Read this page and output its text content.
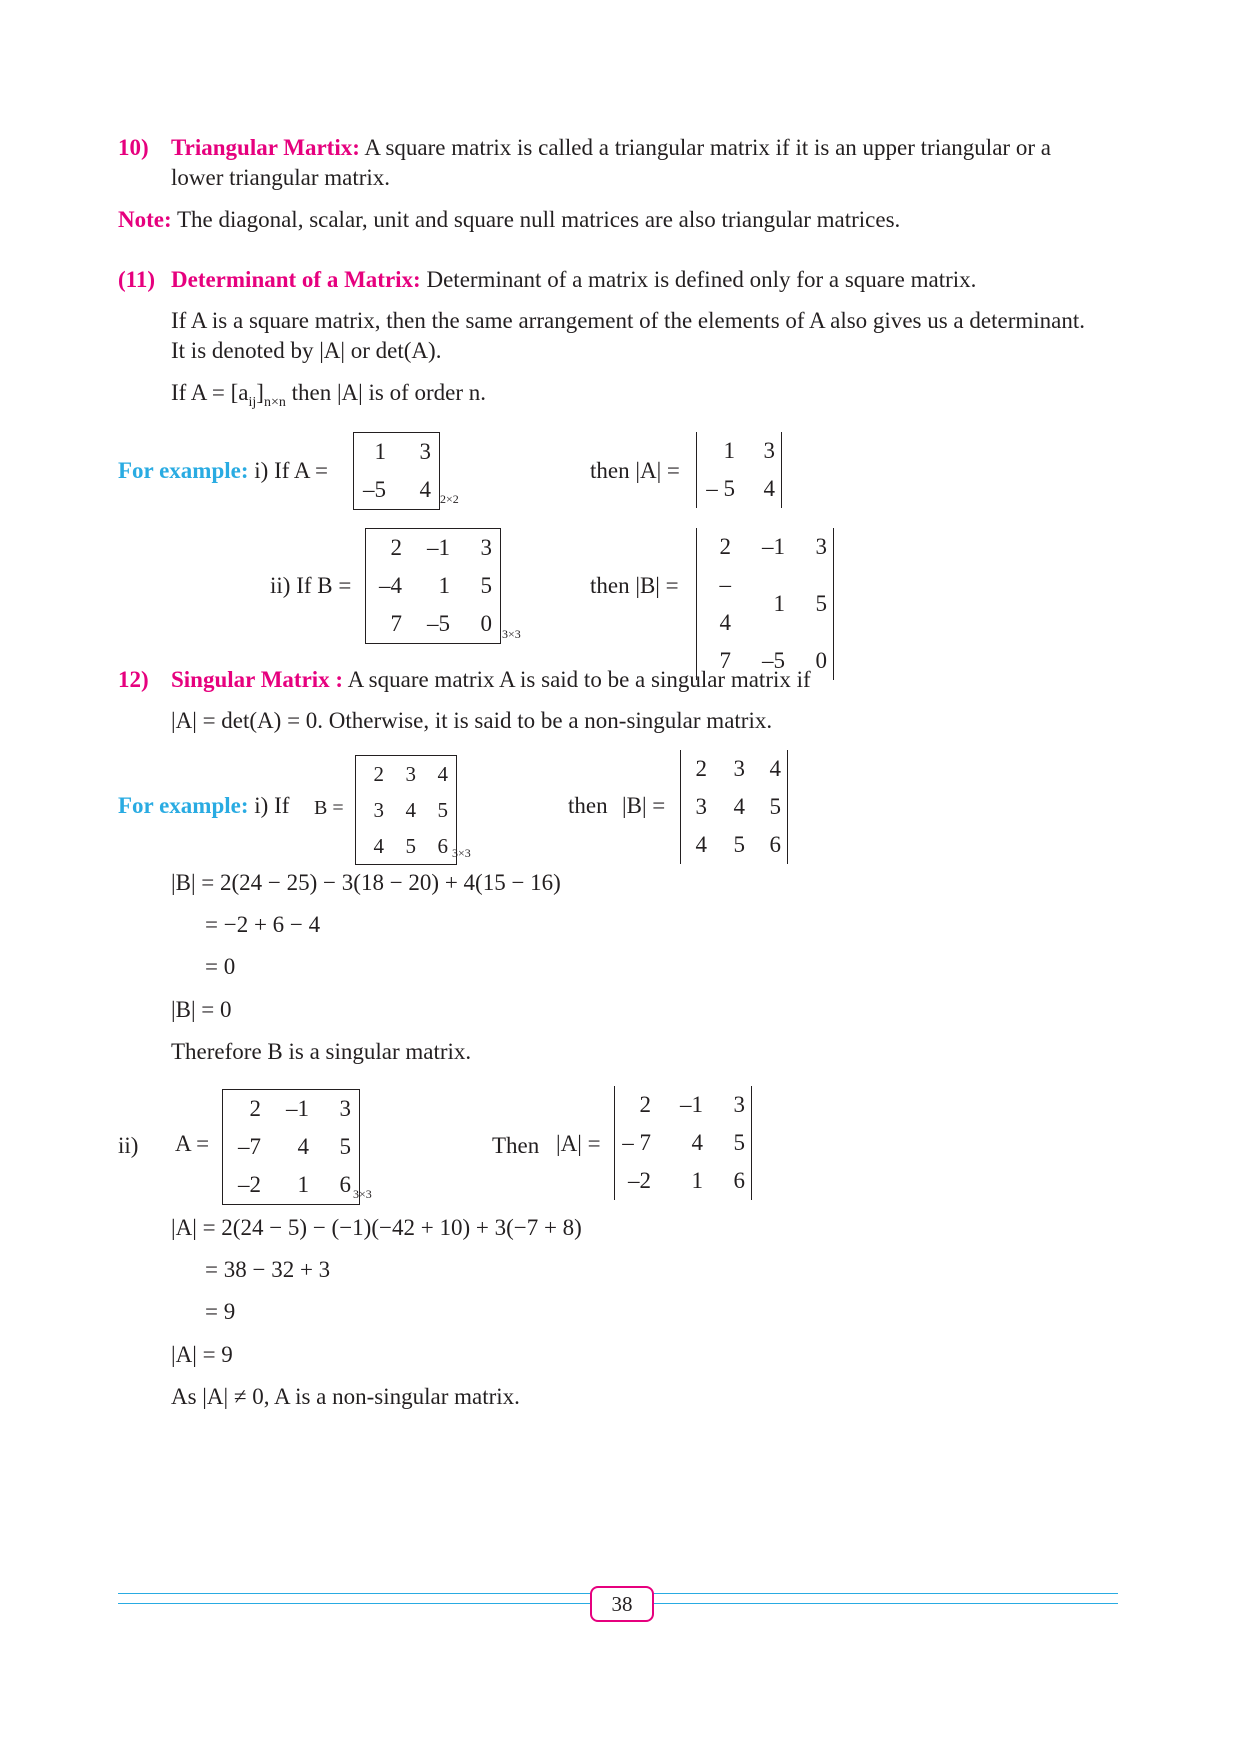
10) Triangular Martix: A square matrix is called a triangular matrix if it is an upper triangular or a
lower triangular matrix.
Note: The diagonal, scalar, unit and square null matrices are also triangular matrices.
(11) Determinant of a Matrix: Determinant of a matrix is defined only for a square matrix.
If A is a square matrix, then the same arrangement of the elements of A also gives us a determinant.
It is denoted by |A| or det(A).
If $A = [a_{ij}]_{n\times n}$ then |A| is of order n.
For example: i) If A =
	1	3	
	–5	4	2×2
then |A| =
	1	3	
	– 5	4	
ii) If B =
	2	–1	3	
	–4	1	5	
	7	–5	0	3×3
then |B| =
	2	–1	3	
	– 4	1	5	
	7	–5	0	
12) Singular Matrix : A square matrix A is said to be a singular matrix if
|A| = det(A) = 0. Otherwise, it is said to be a non-singular matrix.
For example: i) If B =
	2	3	4	
	3	4	5	
	4	5	6	3×3
then |B| =
	2	3	4	
	3	4	5	
	4	5	6	
|B| = 2(24 − 25) − 3(18 − 20) + 4(15 − 16)
= −2 + 6 − 4
= 0
|B| = 0
Therefore B is a singular matrix.
ii) A =
	2	–1	3	
	–7	4	5	
	–2	1	6	3×3
Then |A| =
	2	–1	3	
	– 7	4	5	
	–2	1	6	
|A| = 2(24 − 5) − (−1)(−42 + 10) + 3(−7 + 8)
= 38 − 32 + 3
= 9
|A| = 9
As |A| ≠ 0, A is a non-singular matrix.
38
